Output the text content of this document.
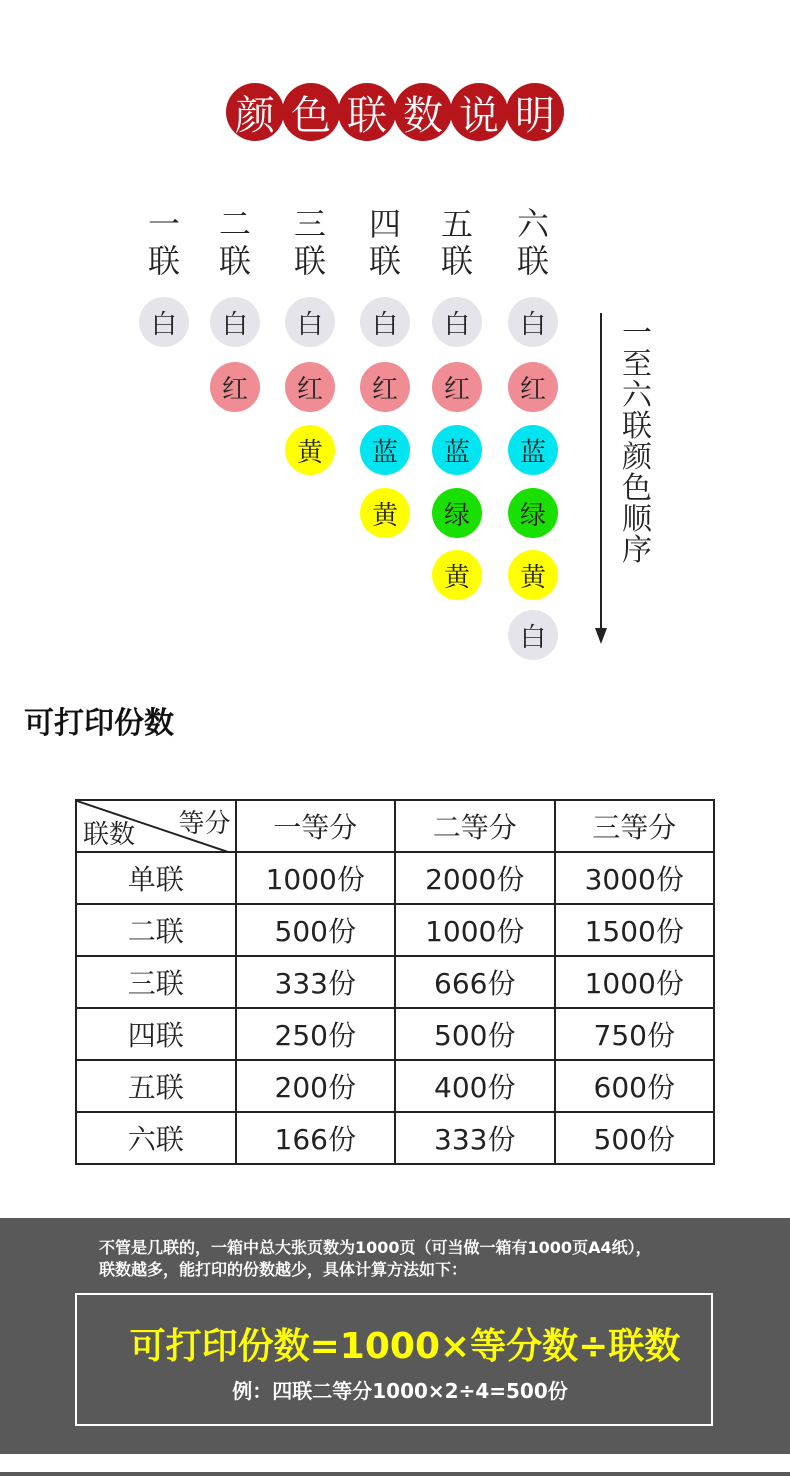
颜 色 联 数 说 明
一
联
白
二
联
白
红
三
联
白
红
黄
四
联
白
红
蓝
黄
五
联
白
红
蓝
绿
黄
六
联
白
红
蓝
绿
黄
白
一至六联颜色顺序
可打印份数
等分
联数	一等分	二等分	三等分
单联	1000份	2000份	3000份
二联	500份	1000份	1500份
三联	333份	666份	1000份
四联	250份	500份	750份
五联	200份	400份	600份
六联	166份	333份	500份
不管是几联的，一箱中总大张页数为1000页（可当做一箱有1000页A4纸），
联数越多，能打印的份数越少，具体计算方法如下：
可打印份数=1000×等分数÷联数
例：四联二等分1000×2÷4=500份
